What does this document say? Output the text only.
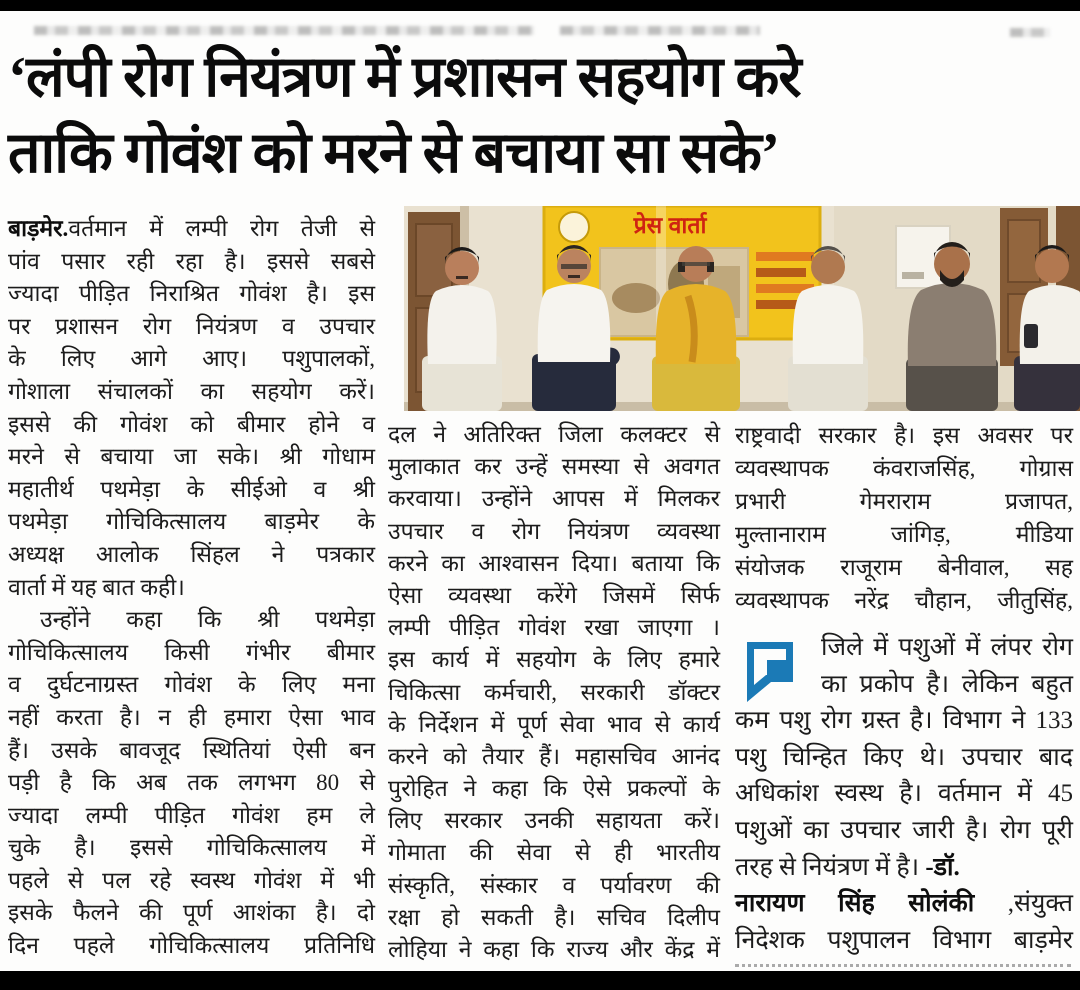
‘लंपी रोग नियंत्रण में प्रशासन सहयोग करे
ताकि गोवंश को मरने से बचाया सा सके’
प्रेस वार्ता
बाड़मेर.वर्तमान में लम्पी रोग तेजी से
पांव पसार रही रहा है। इससे सबसे
ज्यादा पीड़ित निराश्रित गोवंश है। इस
पर प्रशासन रोग नियंत्रण व उपचार
के लिए आगे आए। पशुपालकों,
गोशाला संचालकों का सहयोग करें।
इससे की गोवंश को बीमार होने व
मरने से बचाया जा सके। श्री गोधाम
महातीर्थ पथमेड़ा के सीईओ व श्री
पथमेड़ा गोचिकित्सालय बाड़मेर के
अध्यक्ष आलोक सिंहल ने पत्रकार
वार्ता में यह बात कही।
उन्होंने कहा कि श्री पथमेड़ा
गोचिकित्सालय किसी गंभीर बीमार
व दुर्घटनाग्रस्त गोवंश के लिए मना
नहीं करता है। न ही हमारा ऐसा भाव
हैं। उसके बावजूद स्थितियां ऐसी बन
पड़ी है कि अब तक लगभग 80 से
ज्यादा लम्पी पीड़ित गोवंश हम ले
चुके है। इससे गोचिकित्सालय में
पहले से पल रहे स्वस्थ गोवंश में भी
इसके फैलने की पूर्ण आशंका है। दो
दिन पहले गोचिकित्सालय प्रतिनिधि
दल ने अतिरिक्त जिला कलक्टर से
मुलाकात कर उन्हें समस्या से अवगत
करवाया। उन्होंने आपस में मिलकर
उपचार व रोग नियंत्रण व्यवस्था
करने का आश्वासन दिया। बताया कि
ऐसा व्यवस्था करेंगे जिसमें सिर्फ
लम्पी पीड़ित गोवंश रखा जाएगा ।
इस कार्य में सहयोग के लिए हमारे
चिकित्सा कर्मचारी, सरकारी डॉक्टर
के निर्देशन में पूर्ण सेवा भाव से कार्य
करने को तैयार हैं। महासचिव आनंद
पुरोहित ने कहा कि ऐसे प्रकल्पों के
लिए सरकार उनकी सहायता करें।
गोमाता की सेवा से ही भारतीय
संस्कृति, संस्कार व पर्यावरण की
रक्षा हो सकती है। सचिव दिलीप
लोहिया ने कहा कि राज्य और केंद्र में
राष्ट्रवादी सरकार है। इस अवसर पर
व्यवस्थापक कंवराजसिंह, गोग्रास
प्रभारी गेमराराम प्रजापत,
मुल्तानाराम जांगिड़, मीडिया
संयोजक राजूराम बेनीवाल, सह
व्यवस्थापक नरेंद्र चौहान, जीतुसिंह,
जिले में पशुओं में लंपर रोग
का प्रकोप है। लेकिन बहुत
कम पशु रोग ग्रस्त है। विभाग ने 133
पशु चिन्हित किए थे। उपचार बाद
अधिकांश स्वस्थ है। वर्तमान में 45
पशुओं का उपचार जारी है। रोग पूरी
तरह से नियंत्रण में है। -डॉ.
नारायण सिंह सोलंकी ,संयुक्त
निदेशक पशुपालन विभाग बाड़मेर
